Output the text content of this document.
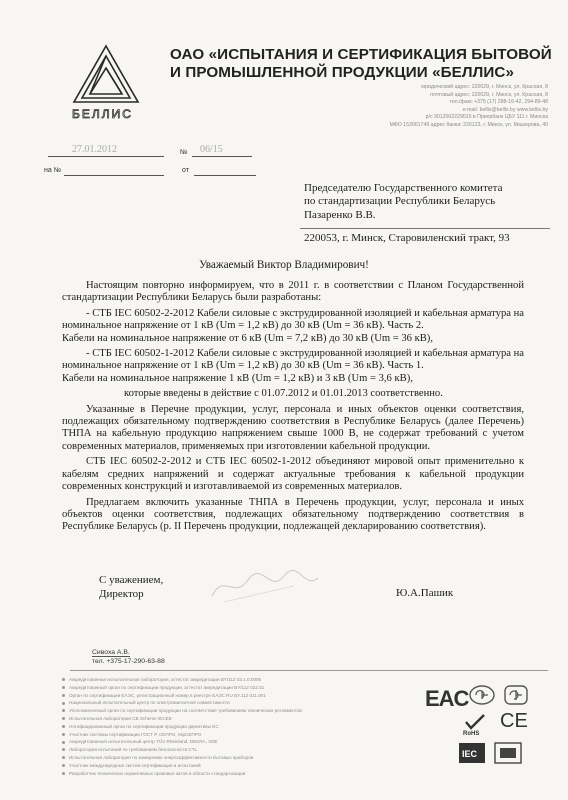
БЕЛЛИС
ОАО «ИСПЫТАНИЯ И СЕРТИФИКАЦИЯ БЫТОВОЙ
И ПРОМЫШЛЕННОЙ ПРОДУКЦИИ «БЕЛЛИС»
юридический адрес: 220029, г. Минск, ул. Красная, 8
почтовый адрес: 220029, г. Минск, ул. Красная, 8
тел./факс +375 (17) 288-16-42, 294-89-48
e-mail: bellis@bellis.by www.bellis.by
р/с 3012002229015 в Приорбанк ЦБУ 111 г. Минска
МФО 153001749 адрес банка: 220123, г. Минск, ул. Машерова, 40
27.01.2012	№ 06/15
на №	от
Председателю Государственного комитета
по стандартизации Республики Беларусь
Пазаренко В.В.
220053, г. Минск, Старовиленский тракт, 93
Уважаемый Виктор Владимирович!

Настоящим повторно информируем, что в 2011 г. в соответствии с Планом Государственной стандартизации Республики Беларусь были разработаны:

- СТБ IEC 60502-2-2012 Кабели силовые с экструдированной изоляцией и кабельная арматура на номинальное напряжение от 1 кВ (Um = 1,2 кВ) до 30 кВ (Um = 36 кВ). Часть 2.

Кабели на номинальное напряжение от 6 кВ (Um = 7,2 кВ) до 30 кВ (Um = 36 кВ),

- СТБ IEC 60502-1-2012 Кабели силовые с экструдированной изоляцией и кабельная арматура на номинальное напряжение от 1 кВ (Um = 1,2 кВ) до 30 кВ (Um = 36 кВ). Часть 1.

Кабели на номинальное напряжение 1 кВ (Um = 1,2 кВ) и 3 кВ (Um = 3,6 кВ),

которые введены в действие с 01.07.2012 и 01.01.2013 соответственно.

Указанные в Перечне продукции, услуг, персонала и иных объектов оценки соответствия, подлежащих обязательному подтверждению соответствия в Республике Беларусь (далее Перечень) ТНПА на кабельную продукцию напряжением свыше 1000 В, не содержат требований с учетом современных материалов, применяемых при изготовлении кабельной продукции.

СТБ IEC 60502-2-2012 и СТБ IEC 60502-1-2012 объединяют мировой опыт применительно к кабелям средних напряжений и содержат актуальные требования к кабельной продукции современных конструкций и изготавливаемой из современных материалов.

Предлагаем включить указанные ТНПА в Перечень продукции, услуг, персонала и иных объектов оценки соответствия, подлежащих обязательному подтверждению соответствия в Республике Беларусь (р. II Перечень продукции, подлежащей декларированию соответствия).

С уважением,
Директор	Ю.А.Пашик
Сивоха А.В.
тел. +375-17-290-63-88
Аккредитованная испытательная лаборатория, аттестат аккредитации BY/112 02.1.0.0005
Аккредитованный орган по сертификации продукции, аттестат аккредитации BY/112 022.01
Орган по сертификации ЕАЭС, регистрационный номер в реестре ЕАЭС RU BY.112 011.001
Национальный испытательный центр по электромагнитной совместимости
Уполномоченный орган по сертификации продукции на соответствие требованиям технических регламентов
Испытательная лаборатория CB Scheme IECEE
Нотифицированный орган по сертификации продукции директивы ЕС
Участник системы сертификации ГОСТ Р, СЕПРО, УкрСЕПРО
Аккредитованный испытательный центр TÜV Rheinland, DEKRA, VDE
Лаборатория испытаний по требованиям безопасности CTL
Испытательная лаборатория по измерению энергоэффективности бытовых приборов
Участник международных систем сертификации и испытаний
Разработчик технических нормативных правовых актов в области стандартизации
EAC
RoHS
CE
IEC
